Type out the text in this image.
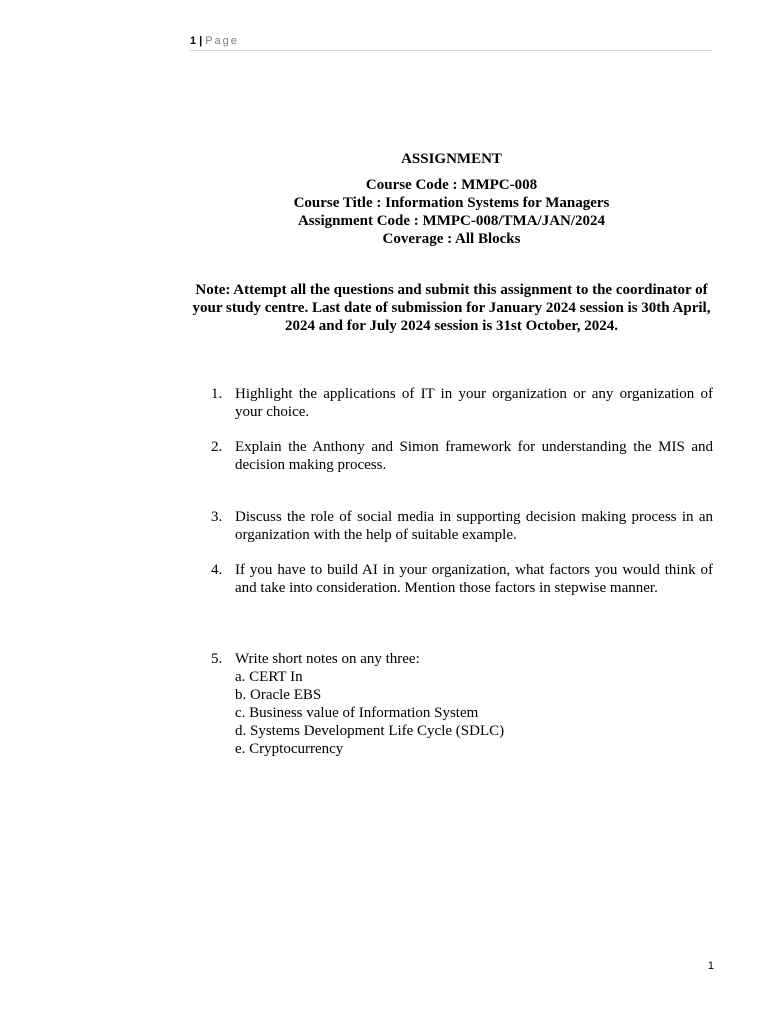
1 | Page
ASSIGNMENT
Course Code : MMPC-008
Course Title : Information Systems for Managers
Assignment Code : MMPC-008/TMA/JAN/2024
Coverage : All Blocks
Note: Attempt all the questions and submit this assignment to the coordinator of your study centre. Last date of submission for January 2024 session is 30th April, 2024 and for July 2024 session is 31st October, 2024.
1. Highlight the applications of IT in your organization or any organization of your choice.
2. Explain the Anthony and Simon framework for understanding the MIS and decision making process.
3. Discuss the role of social media in supporting decision making process in an organization with the help of suitable example.
4. If you have to build AI in your organization, what factors you would think of and take into consideration. Mention those factors in stepwise manner.
5. Write short notes on any three:
a. CERT In
b. Oracle EBS
c. Business value of Information System
d. Systems Development Life Cycle (SDLC)
e. Cryptocurrency
1
